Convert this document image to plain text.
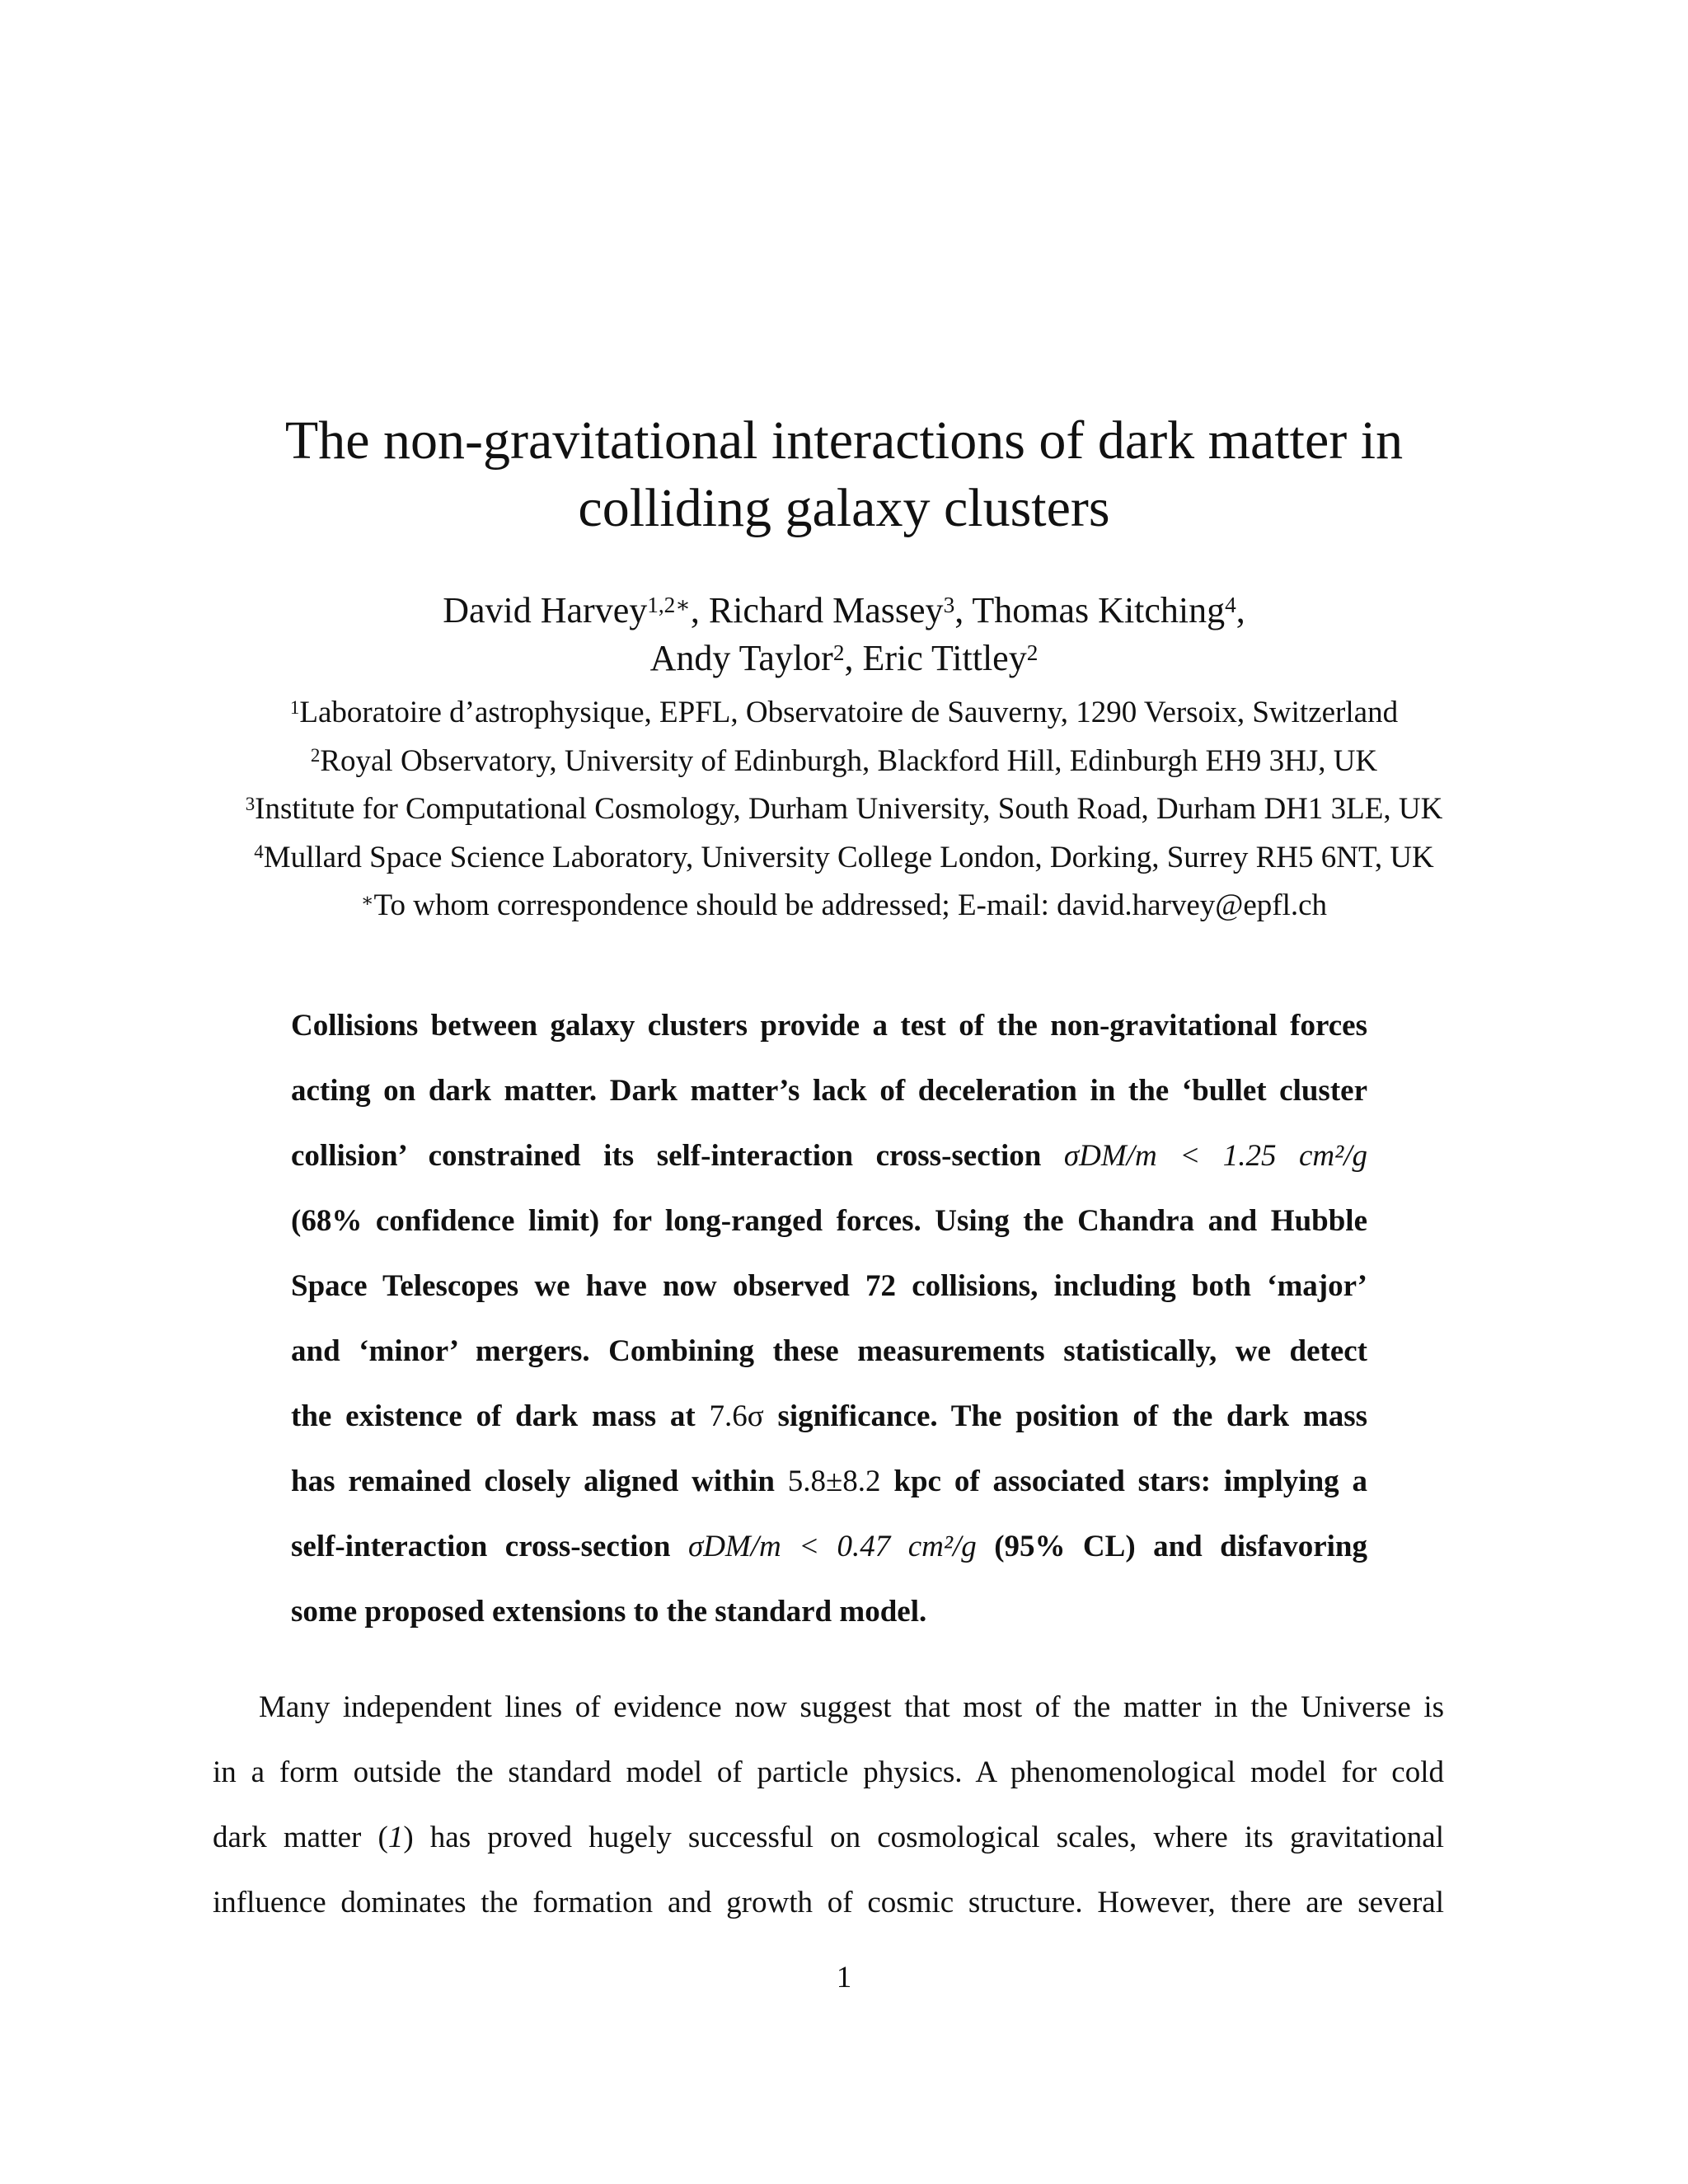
The non-gravitational interactions of dark matter in
colliding galaxy clusters
David Harvey$^{1,2∗}$, Richard Massey$^3$, Thomas Kitching$^4$,
Andy Taylor$^2$, Eric Tittley$^2$
$^1$Laboratoire d’astrophysique, EPFL, Observatoire de Sauverny, 1290 Versoix, Switzerland
$^2$Royal Observatory, University of Edinburgh, Blackford Hill, Edinburgh EH9 3HJ, UK
$^3$Institute for Computational Cosmology, Durham University, South Road, Durham DH1 3LE, UK
$^4$Mullard Space Science Laboratory, University College London, Dorking, Surrey RH5 6NT, UK
∗To whom correspondence should be addressed; E-mail: david.harvey@epfl.ch
Collisions between galaxy clusters provide a test of the non-gravitational forces
acting on dark matter. Dark matter’s lack of deceleration in the ‘bullet cluster
collision’ constrained its self-interaction cross-section σDM/m < 1.25 cm²/g
(68% confidence limit) for long-ranged forces. Using the Chandra and Hubble
Space Telescopes we have now observed 72 collisions, including both ‘major’
and ‘minor’ mergers. Combining these measurements statistically, we detect
the existence of dark mass at 7.6σ significance. The position of the dark mass
has remained closely aligned within 5.8±8.2 kpc of associated stars: implying a
self-interaction cross-section σDM/m < 0.47 cm²/g (95% CL) and disfavoring
some proposed extensions to the standard model.
Many independent lines of evidence now suggest that most of the matter in the Universe is
in a form outside the standard model of particle physics. A phenomenological model for cold
dark matter (1) has proved hugely successful on cosmological scales, where its gravitational
influence dominates the formation and growth of cosmic structure. However, there are several
1
